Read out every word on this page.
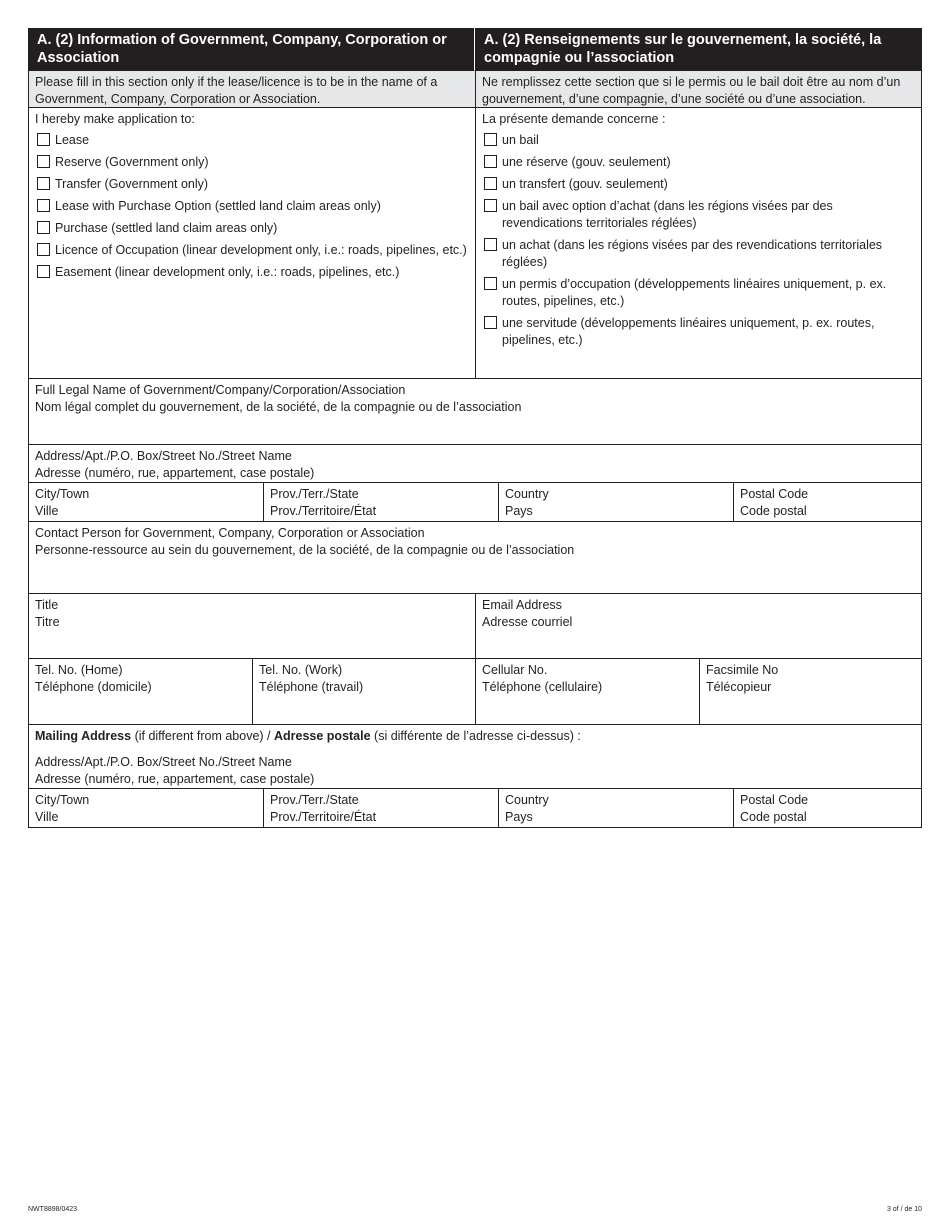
A. (2) Information of Government, Company, Corporation or Association
A. (2) Renseignements sur le gouvernement, la société, la compagnie ou l’association
Please fill in this section only if the lease/licence is to be in the name of a Government, Company, Corporation or Association.
Ne remplissez cette section que si le permis ou le bail doit être au nom d’un gouvernement, d’une compagnie, d’une société ou d’une association.
I hereby make application to:
Lease
Reserve (Government only)
Transfer (Government only)
Lease with Purchase Option (settled land claim areas only)
Purchase (settled land claim areas only)
Licence of Occupation (linear development only, i.e.: roads, pipelines, etc.)
Easement (linear development only, i.e.: roads, pipelines, etc.)
La présente demande concerne :
un bail
une réserve (gouv. seulement)
un transfert (gouv. seulement)
un bail avec option d’achat (dans les régions visées par des revendications territoriales réglées)
un achat (dans les régions visées par des revendications territoriales réglées)
un permis d’occupation (développements linéaires uniquement, p. ex. routes, pipelines, etc.)
une servitude (développements linéaires uniquement, p. ex. routes, pipelines, etc.)
Full Legal Name of Government/Company/Corporation/Association
Nom légal complet du gouvernement, de la société, de la compagnie ou de l’association
Address/Apt./P.O. Box/Street No./Street Name
Adresse (numéro, rue, appartement, case postale)
City/Town
Ville
Prov./Terr./State
Prov./Territoire/État
Country
Pays
Postal Code
Code postal
Contact Person for Government, Company, Corporation or Association
Personne-ressource au sein du gouvernement, de la société, de la compagnie ou de l’association
Title
Titre
Email Address
Adresse courriel
Tel. No. (Home)
Téléphone (domicile)
Tel. No. (Work)
Téléphone (travail)
Cellular No.
Téléphone (cellulaire)
Facsimile No
Télécopieur
Mailing Address (if different from above) / Adresse postale (si différente de l’adresse ci-dessus) :
Address/Apt./P.O. Box/Street No./Street Name
Adresse (numéro, rue, appartement, case postale)
City/Town
Ville
Prov./Terr./State
Prov./Territoire/État
Country
Pays
Postal Code
Code postal
NWT8898/0423	3 of / de 10
